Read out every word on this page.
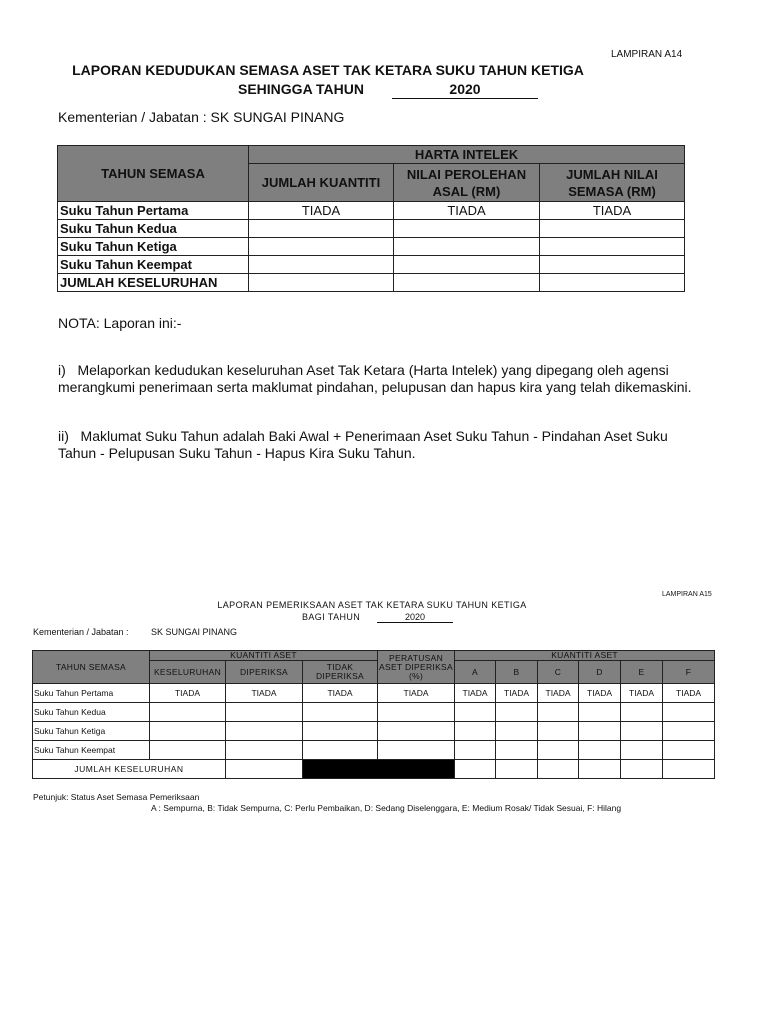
LAMPIRAN A14
LAPORAN KEDUDUKAN SEMASA ASET TAK KETARA SUKU TAHUN KETIGA
SEHINGGA TAHUN	2020
Kementerian / Jabatan : SK SUNGAI PINANG
TAHUN SEMASA	HARTA INTELEK		
	JUMLAH KUANTITI	NILAI PEROLEHAN ASAL (RM)	JUMLAH NILAI SEMASA (RM)
Suku Tahun Pertama	TIADA	TIADA	TIADA
Suku Tahun Kedua			
Suku Tahun Ketiga			
Suku Tahun Keempat			
JUMLAH KESELURUHAN			
NOTA: Laporan ini:-
i)   Melaporkan kedudukan keseluruhan Aset Tak Ketara (Harta Intelek) yang dipegang oleh agensi merangkumi penerimaan serta maklumat pindahan, pelupusan dan hapus kira yang telah dikemaskini.
ii)   Maklumat Suku Tahun adalah Baki Awal + Penerimaan Aset Suku Tahun - Pindahan Aset Suku Tahun - Pelupusan Suku Tahun - Hapus Kira Suku Tahun.
LAMPIRAN A15
LAPORAN PEMERIKSAAN ASET TAK KETARA SUKU TAHUN KETIGA
BAGI TAHUN	2020
Kementerian / Jabatan : SK SUNGAI PINANG
TAHUN SEMASA	KUANTITI ASET			PERATUSAN ASET DIPERIKSA (%)	KUANTITI ASET					
	KESELURUHAN	DIPERIKSA	TIDAK DIPERIKSA		A	B	C	D	E	F
Suku Tahun Pertama	TIADA	TIADA	TIADA	TIADA	TIADA	TIADA	TIADA	TIADA	TIADA	TIADA
Suku Tahun Kedua										
Suku Tahun Ketiga										
Suku Tahun Keempat										
JUMLAH KESELURUHAN										
Petunjuk: Status Aset Semasa Pemeriksaan
A : Sempurna, B: Tidak Sempurna, C: Perlu Pembaikan, D: Sedang Diselenggara, E: Medium Rosak/ Tidak Sesuai, F: Hilang
